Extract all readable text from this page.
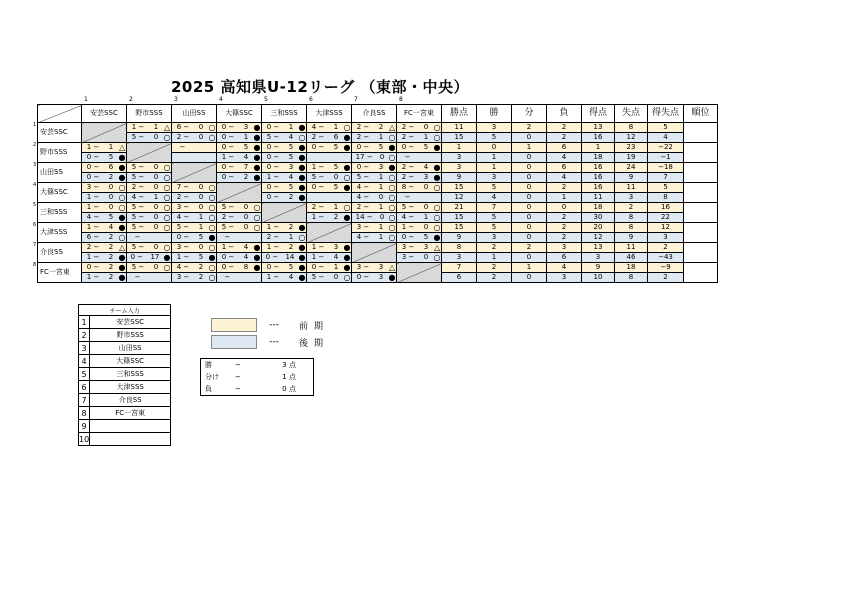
2025 高知県U-12リーグ （東部・中央）
1	2	3	4	5	6	7	8
	安芸SSC	野市SSS	山田SS	大篠SSC	三和SSS	大津SSS	介良SS	FC一宮東	勝点	勝	分	負	得点	失点	得失点	順位

1
安芸SSC		1 − 1 △	6 − 0 ○	0 − 3 ●	0 − 1 ●	4 − 1 ○	2 − 2 △	2 − 0 ○	11	3	2	2	13	8	5	

		5 − 0 ○	2 − 0 ○	0 − 1 ●	5 − 4 ○	2 − 6 ●	2 − 1 ○	2 − 1 ○	15	5	0	2	16	12	4	

2
野市SSS	1 − 1 △		−	0 − 5 ●	0 − 5 ●	0 − 5 ●	0 − 5 ●	0 − 5 ●	1	0	1	6	1	23	−22	

	0 − 5 ●			1 − 4 ●	0 − 5 ●		17 − 0 ○	−	3	1	0	4	18	19	−1	

3
山田SS	0 − 6 ●	5 − 0 ○		0 − 7 ●	0 − 3 ●	1 − 5 ●	0 − 3 ●	2 − 4 ●	3	1	0	6	16	24	−18	

	0 − 2 ●	5 − 0 ○		0 − 2 ●	1 − 4 ●	5 − 0 ○	5 − 1 ○	2 − 3 ●	9	3	0	4	16	9	7	

4
大篠SSC	3 − 0 ○	2 − 0 ○	7 − 0 ○		0 − 5 ●	0 − 5 ●	4 − 1 ○	8 − 0 ○	15	5	0	2	16	11	5	

	1 − 0 ○	4 − 1 ○	2 − 0 ○		0 − 2 ●		4 − 0 ○	−	12	4	0	1	11	3	8	

5
三和SSS	1 − 0 ○	5 − 0 ○	3 − 0 ○	5 − 0 ○		2 − 1 ○	2 − 1 ○	5 − 0 ○	21	7	0	0	18	2	16	

	4 − 5 ●	5 − 0 ○	4 − 1 ○	2 − 0 ○		1 − 2 ●	14 − 0 ○	4 − 1 ○	15	5	0	2	30	8	22	

6
大津SSS	1 − 4 ●	5 − 0 ○	5 − 1 ○	5 − 0 ○	1 − 2 ●		3 − 1 ○	1 − 0 ○	15	5	0	2	20	8	12	

	6 − 2 ○	−	0 − 5 ●	−	2 − 1 ○		4 − 1 ○	0 − 5 ●	9	3	0	2	12	9	3	

7
介良SS	2 − 2 △	5 − 0 ○	3 − 0 ○	1 − 4 ●	1 − 2 ●	1 − 3 ●		3 − 3 △	8	2	2	3	13	11	2	

	1 − 2 ●	0 − 17 ●	1 − 5 ●	0 − 4 ●	0 − 14 ●	1 − 4 ●		3 − 0 ○	3	1	0	6	3	46	−43	

8
FC一宮東	0 − 2 ●	5 − 0 ○	4 − 2 ○	0 − 8 ●	0 − 5 ●	0 − 1 ●	3 − 3 △		7	2	1	4	9	18	−9	

	1 − 2 ●	−	3 − 2 ○	−	1 − 4 ●	5 − 0 ○	0 − 3 ●		6	2	0	3	10	8	2	
チーム入力	
1	安芸SSC
2	野市SSS
3	山田SS
4	大篠SSC
5	三和SSS
6	大津SSS
7	介良SS
8	FC一宮東
9	
10	
---	前期
---	後期
勝	−	3 点
分け	−	1 点
負	−	0 点
